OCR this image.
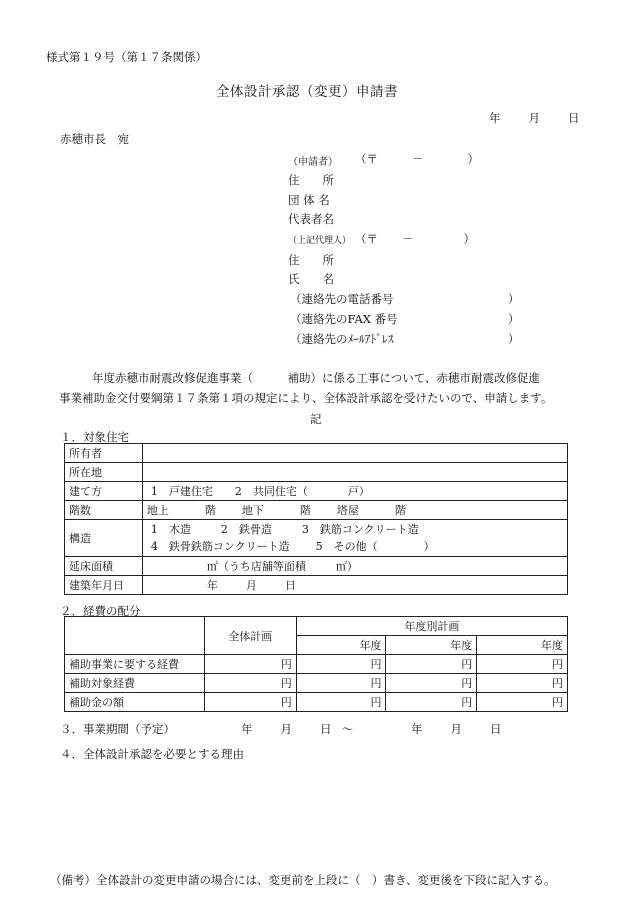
様式第１９号（第１７条関係）
全体設計承認（変更）申請書
年 月 日
赤穂市長　宛
（申請者） （〒	－	）
住　　所
団 体 名
代表者名
（上記代理人） （〒 －	）
住　　所
氏　　名
（連絡先の電話番号	）
（連絡先のFAX 番号	）
（連絡先のﾒｰﾙｱﾄﾞﾚｽ	）
年度赤穂市耐震改修促進事業（　　　補助）に係る工事について、赤穂市耐震改修促進
事業補助金交付要綱第１７条第１項の規定により、全体設計承認を受けたいので、申請します。
記
１．対象住宅
所有者	
所在地	
建て方	1　戸建住宅 2　共同住宅（ 戸）
階数	地上 階 地下 階 塔屋 階
構造	1　木造 2　鉄骨造 3　鉄筋コンクリート造
4　鉄骨鉄筋コンクリート造 5　その他（ ）

延床面積	㎡（うち店舗等面積 ㎡）
建築年月日	年 月 日
２．経費の配分
	全体計画	年度別計画		
		年度	年度	年度
補助事業に要する経費	円	円	円	円
補助対象経費	円	円	円	円
補助金の額	円	円	円	円
３．事業期間（予定）	年 月 日 ～	年 月 日
４．全体設計承認を必要とする理由
（備考）全体設計の変更申請の場合には、変更前を上段に（　）書き、変更後を下段に記入する。
